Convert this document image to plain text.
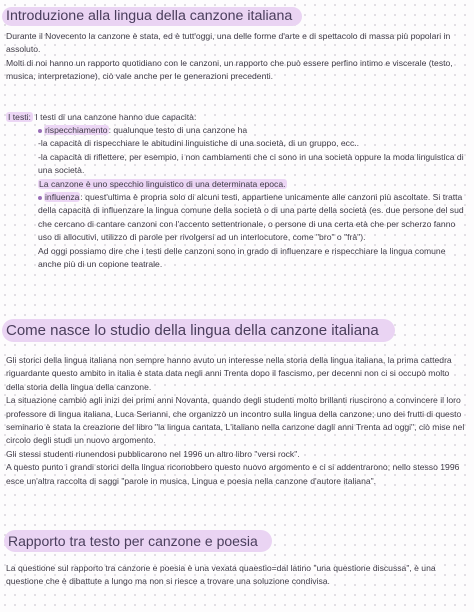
Introduzione alla lingua della canzone italiana
Durante il Novecento la canzone è stata, ed è tutt'oggi, una delle forme d'arte e di spettacolo di massa più popolari in assoluto.
Molti di noi hanno un rapporto quotidiano con le canzoni, un rapporto che può essere perfino intimo e viscerale (testo, musica, interpretazione), ciò vale anche per le generazioni precedenti.
I testi: I testi di una canzone hanno due capacità:
rispecchiamento: qualunque testo di una canzone ha
-la capacità di rispecchiare le abitudini linguistiche di una società, di un gruppo, ecc..
-la capacità di riflettere, per esempio, i non cambiamenti che ci sono in una società oppure la moda linguistica di una società.
La canzone è uno specchio linguistico di una determinata epoca.
influenza: quest'ultima è propria solo di alcuni testi, appartiene unicamente alle canzoni più ascoltate. Si tratta della capacità di influenzare la lingua comune della società o di una parte della società (es. due persone del sud che cercano di cantare canzoni con l'accento settentrionale, o persone di una certa età che per scherzo fanno uso di allocutivi, utilizzo di parole per rivolgersi ad un interlocutore, come "bro" o "frà").
Ad oggi possiamo dire che i testi delle canzoni sono in grado di influenzare e rispecchiare la lingua comune anche più di un copione teatrale.
Come nasce lo studio della lingua della canzone italiana
Gli storici della lingua italiana non sempre hanno avuto un interesse nella storia della lingua italiana, la prima cattedra riguardante questo ambito in italia è stata data negli anni Trenta dopo il fascismo, per decenni non ci si occupò molto della storia della lingua della canzone.
La situazione cambiò agli inizi dei primi anni Novanta, quando degli studenti molto brillanti riuscirono a convincere il loro professore di lingua italiana, Luca Serianni, che organizzò un incontro sulla lingua della canzone; uno dei frutti di questo seminario è stata la creazione del libro "la lingua cantata, L'italiano nella canzone dagli anni Trenta ad oggi", ciò mise nel circolo degli studi un nuovo argomento.
Gli stessi studenti riunendosi pubblicarono nel 1996 un altro libro "versi rock".
A questo punto i grandi storici della lingua riconobbero questo nuovo argomento e ci si addentrarono; nello stesso 1996 esce un'altra raccolta di saggi "parole in musica, Lingua e poesia nella canzone d'autore italiana".
Rapporto tra testo per canzone e poesia
La questione sul rapporto tra canzone e poesia è una vexata quaestio=dal latino "una questione discussa", è una questione che è dibattute a lungo ma non si riesce a trovare una soluzione condivisa.
